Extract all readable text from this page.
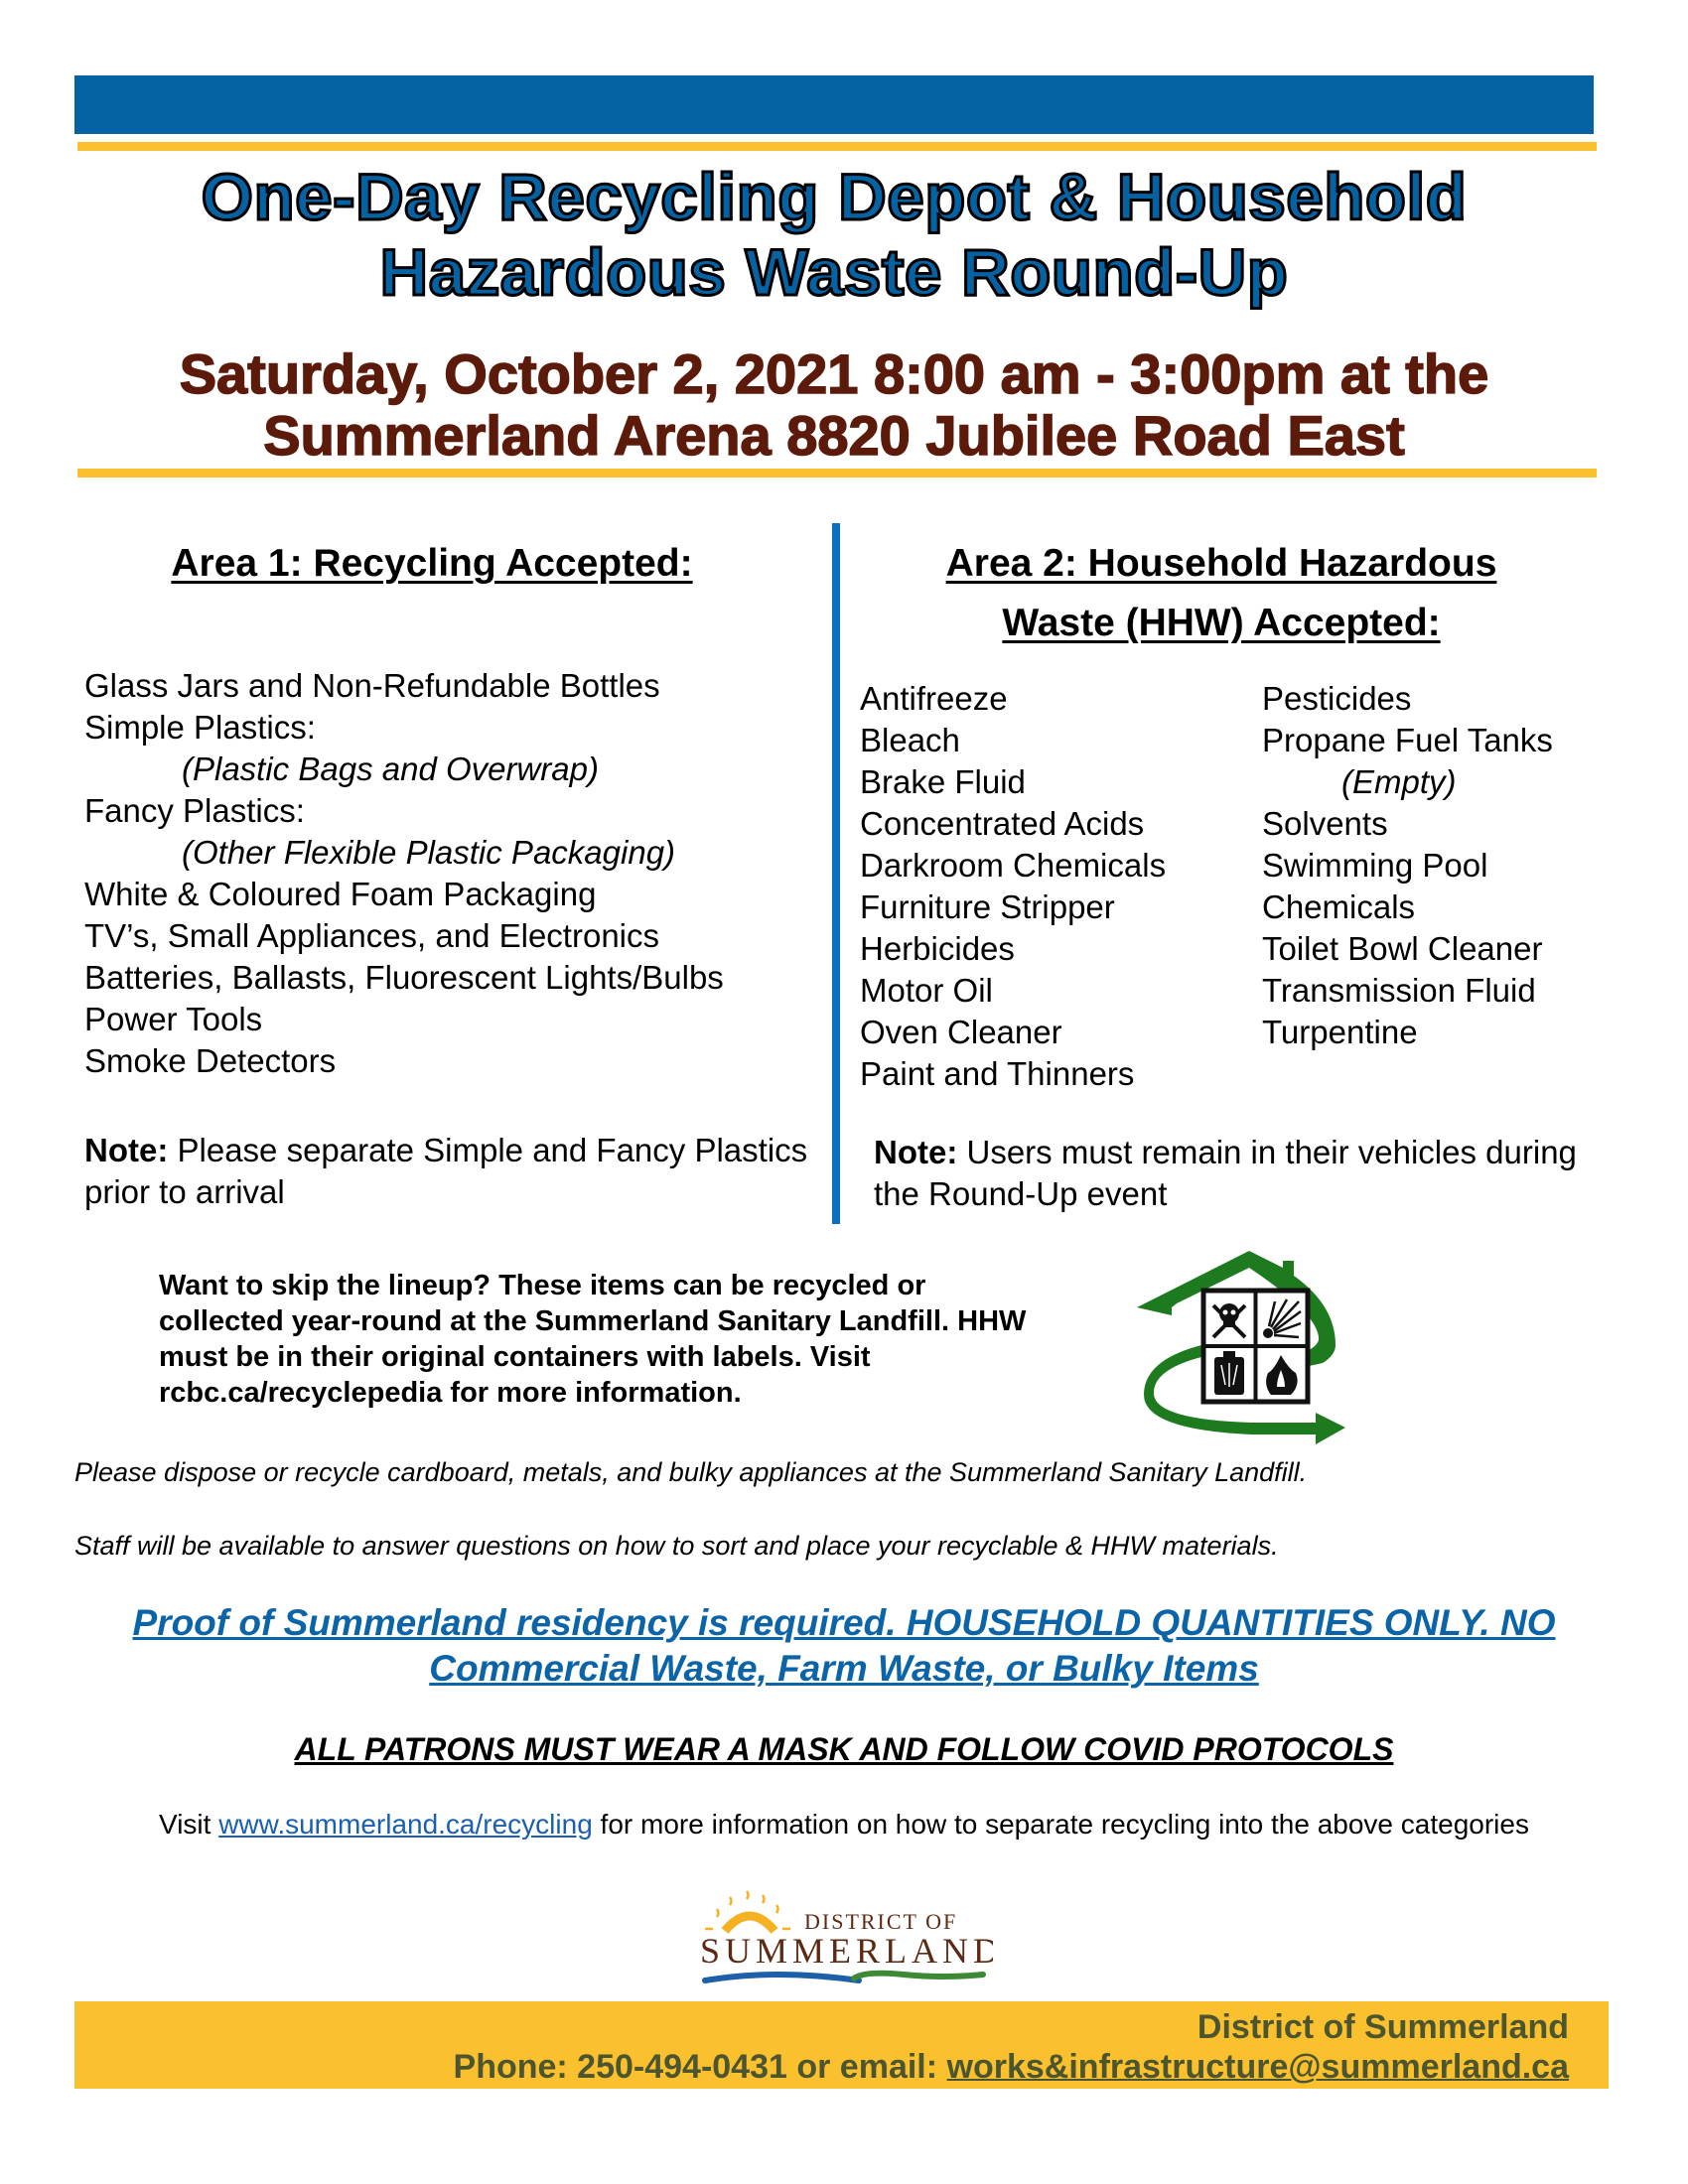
One-Day Recycling Depot & Household
Hazardous Waste Round-Up
Saturday, October 2, 2021 8:00 am - 3:00pm at the
Summerland Arena 8820 Jubilee Road East
Area 1: Recycling Accepted:
Glass Jars and Non-Refundable Bottles
Simple Plastics:
(Plastic Bags and Overwrap)
Fancy Plastics:
(Other Flexible Plastic Packaging)
White & Coloured Foam Packaging
TV’s, Small Appliances, and Electronics
Batteries, Ballasts, Fluorescent Lights/Bulbs
Power Tools
Smoke Detectors
Note: Please separate Simple and Fancy Plastics prior to arrival
Area 2: Household Hazardous
Waste (HHW) Accepted:
Antifreeze
Bleach
Brake Fluid
Concentrated Acids
Darkroom Chemicals
Furniture Stripper
Herbicides
Motor Oil
Oven Cleaner
Paint and Thinners
Pesticides
Propane Fuel Tanks
(Empty)
Solvents
Swimming Pool
Chemicals
Toilet Bowl Cleaner
Transmission Fluid
Turpentine
Note: Users must remain in their vehicles during the Round-Up event
Want to skip the lineup? These items can be recycled or collected year-round at the Summerland Sanitary Landfill. HHW must be in their original containers with labels. Visit rcbc.ca/recyclepedia for more information.
Please dispose or recycle cardboard, metals, and bulky appliances at the Summerland Sanitary Landfill.
Staff will be available to answer questions on how to sort and place your recyclable & HHW materials.
Proof of Summerland residency is required. HOUSEHOLD QUANTITIES ONLY. NO Commercial Waste, Farm Waste, or Bulky Items
ALL PATRONS MUST WEAR A MASK AND FOLLOW COVID PROTOCOLS
Visit www.summerland.ca/recycling for more information on how to separate recycling into the above categories
DISTRICT OF
SUMMERLAND
District of Summerland
Phone: 250-494-0431 or email: works&infrastructure@summerland.ca
